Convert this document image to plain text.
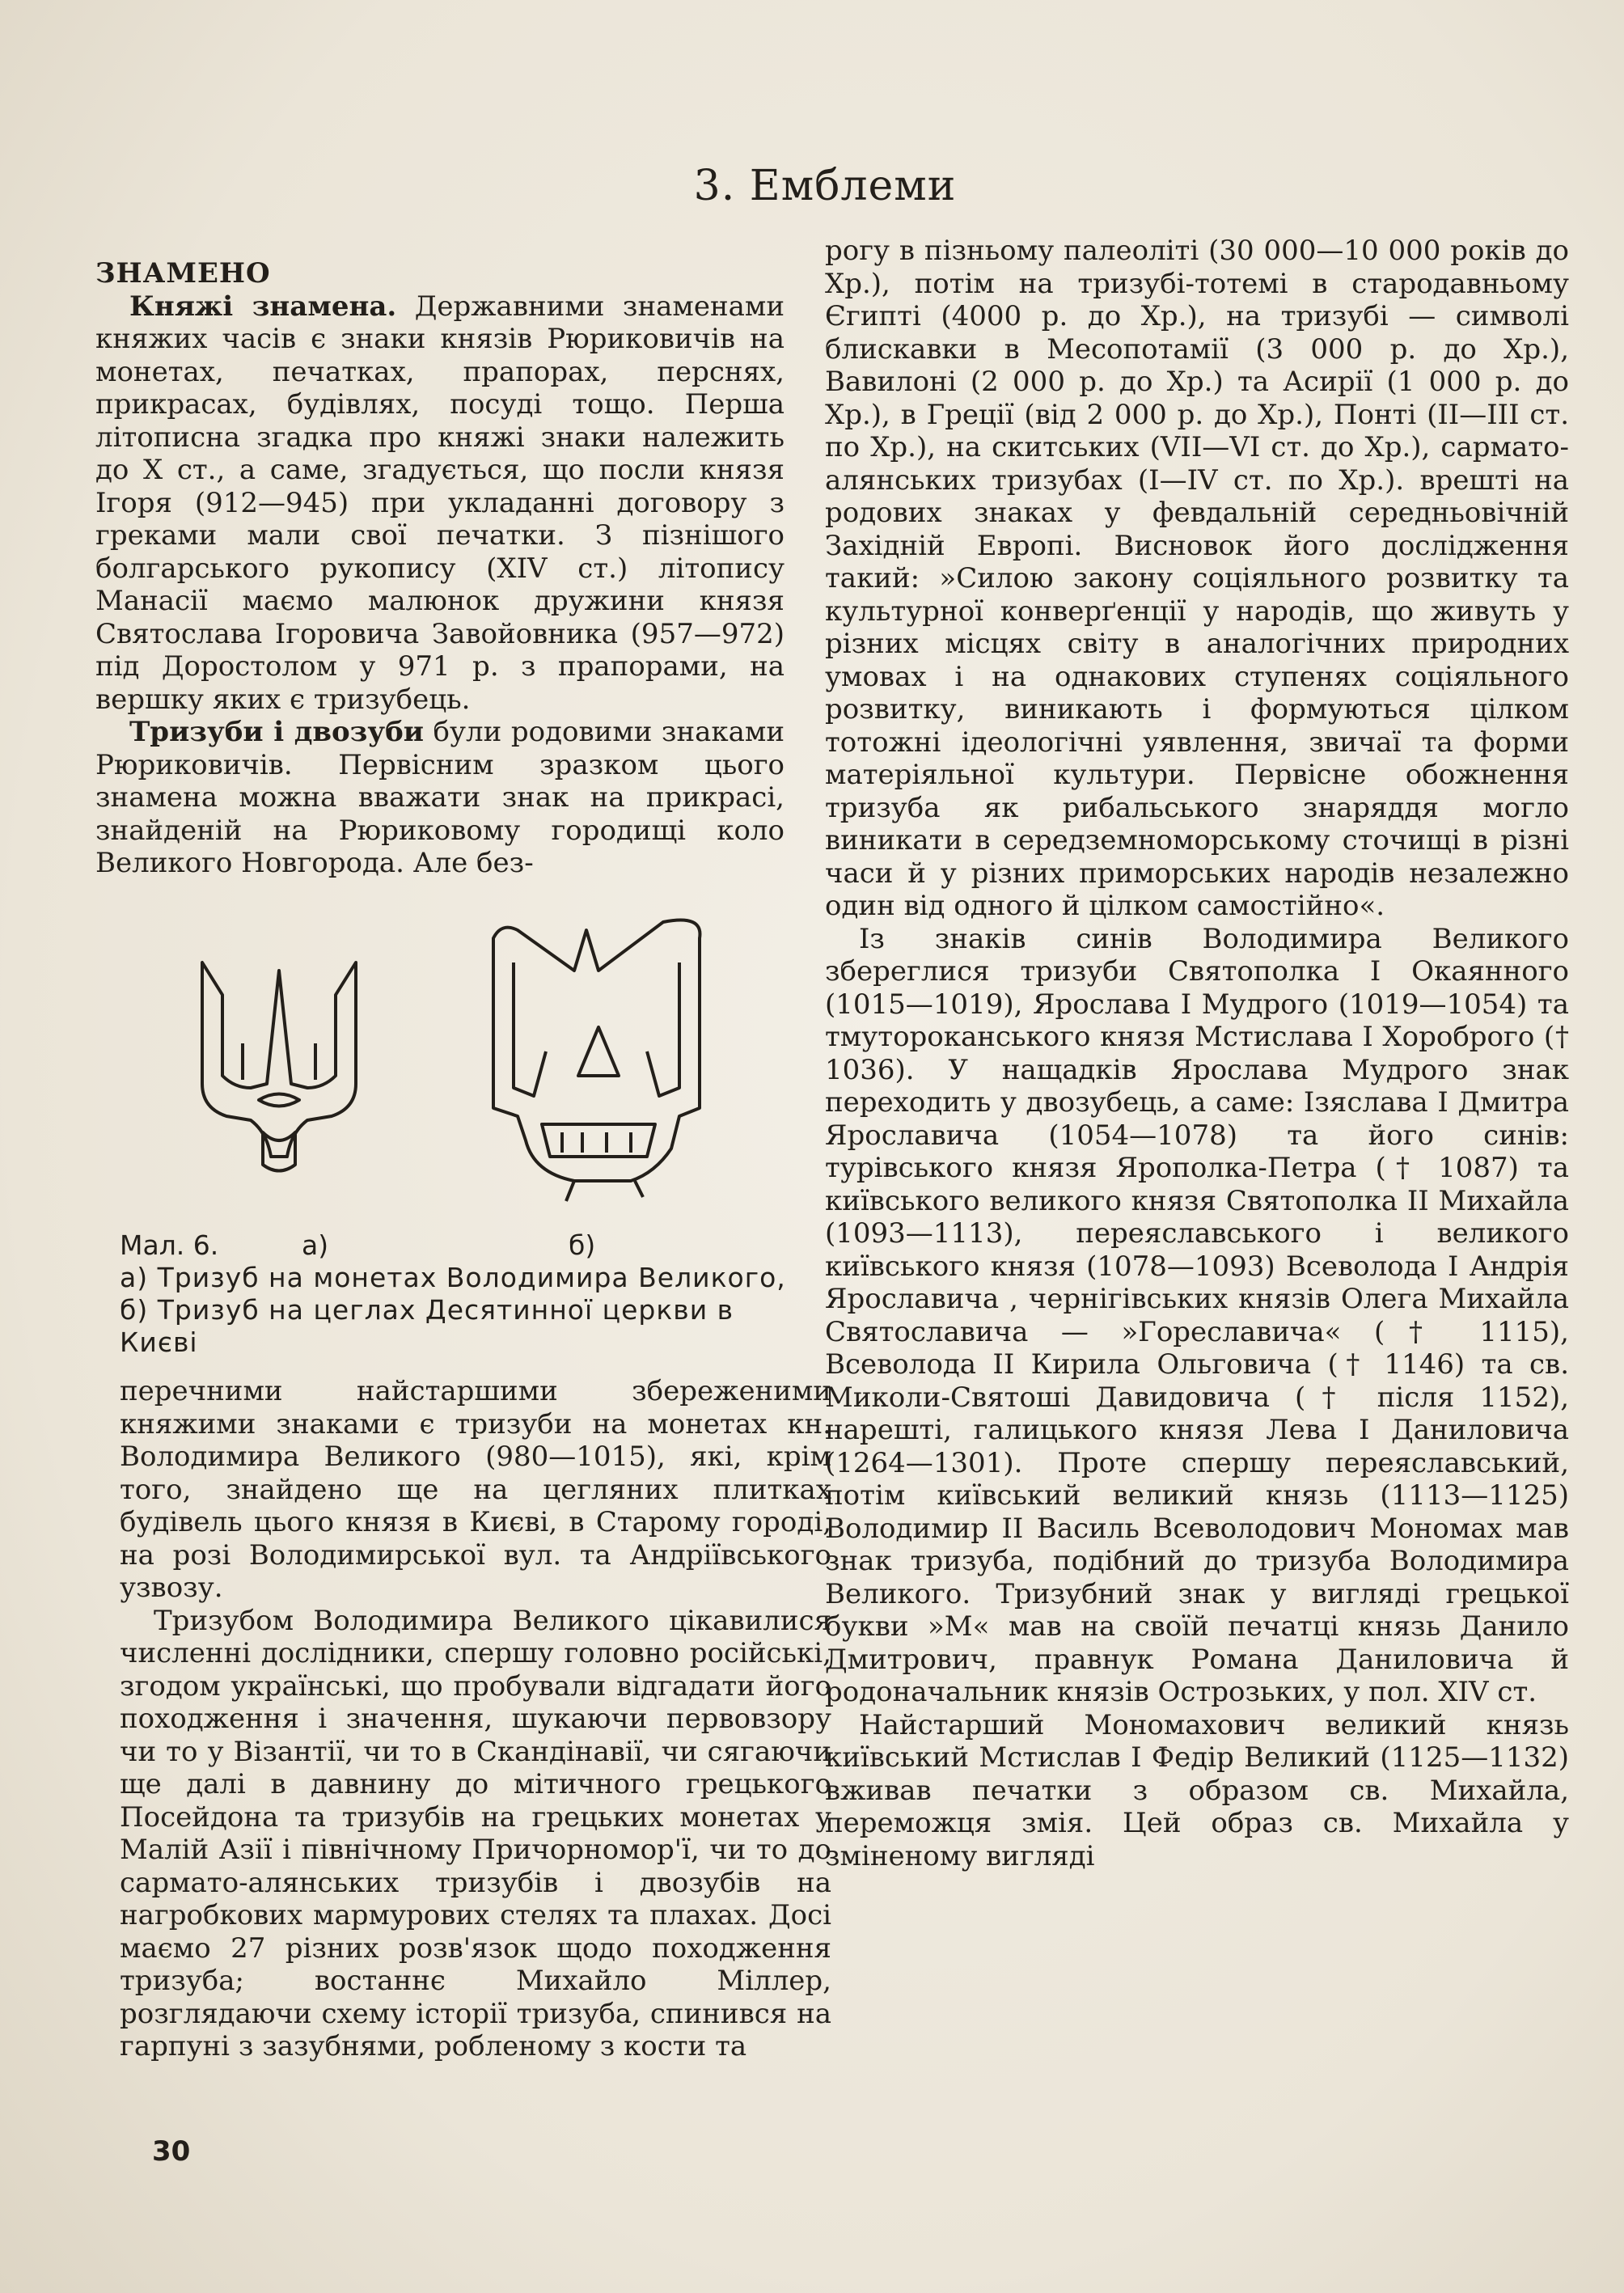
3. Емблеми

ЗНАМЕНО

Княжі знамена. Державними знаменами княжих часів є знаки князів Рюриковичів на монетах, печатках, прапорах, перснях, прикрасах, будівлях, посуді тощо. Перша літописна згадка про княжі знаки належить до X ст., а саме, згадується, що посли князя Ігоря (912—945) при укладанні договору з греками мали свої печатки. З пізнішого болгарського рукопису (XIV ст.) літопису Манасії маємо малюнок дружини князя Святослава Ігоровича Завойовника (957—972) під Доростолом у 971 р. з прапорами, на вершку яких є тризубець.

Тризуби і двозуби були родовими знаками Рюриковичів. Первісним зразком цього знамена можна вважати знак на прикрасі, знайденій на Рюриковому городищі коло Великого Новгорода. Але без-

Мал. 6.	а)	б)
а) Тризуб на монетах Володимира Великого, б) Тризуб на цеглах Десятинної церкви в Києві

перечними найстаршими збереженими княжими знаками є тризуби на монетах кн. Володимира Великого (980—1015), які, крім того, знайдено ще на цегляних плитках будівель цього князя в Києві, в Старому городі, на розі Володимирської вул. та Андріївського узвозу.

Тризубом Володимира Великого цікавилися численні дослідники, спершу головно російські, згодом українські, що пробували відгадати його походження і значення, шукаючи первовзору чи то у Візантії, чи то в Скандінавії, чи сягаючи ще далі в давнину до мітичного грецького Посейдона та тризубів на грецьких монетах у Малій Азії і північному Причорномор'ї, чи то до сармато-алянських тризубів і двозубів на нагробкових мармурових стелях та плахах. Досі маємо 27 різних розв'язок щодо походження тризуба; востаннє Михайло Міллер, розглядаючи схему історії тризуба, спинився на гарпуні з зазубнями, робленому з кости та

рогу в пізньому палеоліті (30 000—10 000 років до Хр.), потім на тризубі-тотемі в стародавньому Єгипті (4000 р. до Хр.), на тризубі — символі блискавки в Месопотамії (3 000 р. до Хр.), Вавилоні (2 000 р. до Хр.) та Асирії (1 000 р. до Хр.), в Греції (від 2 000 р. до Хр.), Понті (II—III ст. по Хр.), на скитських (VII—VI ст. до Хр.), сармато-алянських тризубах (I—IV ст. по Хр.). врешті на родових знаках у февдальній середньовічній Західній Европі. Висновок його дослідження такий: »Силою закону соціяльного розвитку та культурної конверґенції у народів, що живуть у різних місцях світу в аналогічних природних умовах і на однакових ступенях соціяльного розвитку, виникають і формуються цілком тотожні ідеологічні уявлення, звичаї та форми матеріяльної культури. Первісне обожнення тризуба як рибальського знаряддя могло виникати в середземноморському сточищі в різні часи й у різних приморських народів незалежно один від одного й цілком самостійно«.

Із знаків синів Володимира Великого збереглися тризуби Святополка I Окаянного (1015—1019), Ярослава I Мудрого (1019—1054) та тмутороканського князя Мстислава I Хороброго († 1036). У нащадків Ярослава Мудрого знак переходить у двозубець, а саме: Ізяслава I Дмитра Ярославича (1054—1078) та його синів: турівського князя Ярополка-Петра († 1087) та київського великого князя Святополка II Михайла (1093—1113), переяславського і великого київського князя (1078—1093) Всеволода I Андрія Ярославича , чернігівських князів Олега Михайла Святославича — »Гореславича« († 1115), Всеволода II Кирила Ольговича († 1146) та св. Миколи-Святоші Давидовича († після 1152), нарешті, галицького князя Лева I Даниловича (1264—1301). Проте спершу переяславський, потім київський великий князь (1113—1125) Володимир II Василь Всеволодович Мономах мав знак тризуба, подібний до тризуба Володимира Великого. Тризубний знак у вигляді грецької букви »М« мав на своїй печатці князь Данило Дмитрович, правнук Романа Даниловича й родоначальник князів Острозьких, у пол. XIV ст.

Найстарший Мономахович великий князь київський Мстислав I Федір Великий (1125—1132) вживав печатки з образом св. Михайла, переможця змія. Цей образ св. Михайла у зміненому вигляді

30
